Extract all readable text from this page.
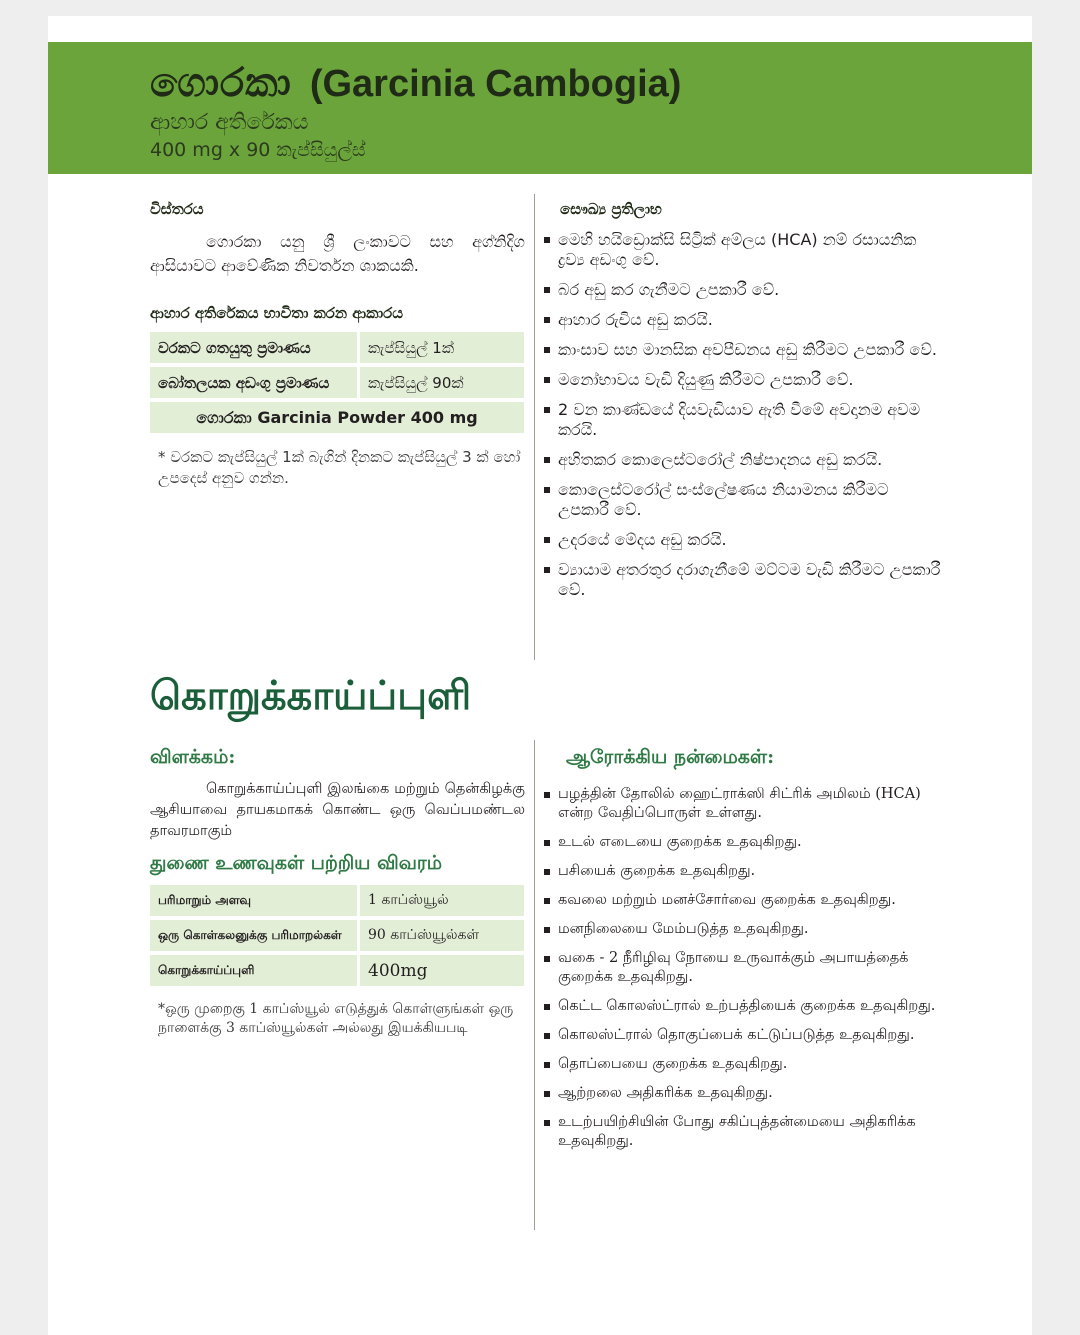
ගොරකා (Garcinia Cambogia)
ආහාර අතිරේකය
400 mg x 90 කැප්සියුල්ස්
විස්තරය

ගොරකා යනු ශ්‍රී ලංකාවට සහ අග්නිදිග ආසියාවට ආවේණික නිවර්තන ශාකයකි.

ආහාර අතිරේකය භාවිතා කරන ආකාරය
වරකට ගතයුතු ප්‍රමාණය	කැප්සියුල් 1ක්
බෝතලයක අඩංගු ප්‍රමාණය	කැප්සියුල් 90ක්
ගොරකා Garcinia Powder 400 mg	

* වරකට කැප්සියුල් 1ක් බැගින් දිනකට කැප්සියුල් 3 ක් හෝ උපදෙස් අනුව ගන්න.

සෞඛ්‍ය ප්‍රතිලාභ
මෙහි හයිඩ්‍රොක්සි සිට්‍රික් අම්ලය (HCA) නම් රසායනික ද්‍රව්‍ය අඩංගු වේ.
බර අඩු කර ගැනීමට උපකාරී වේ.
ආහාර රුචිය අඩු කරයි.
කාංසාව සහ මානසික අවපීඩනය අඩු කිරීමට උපකාරී වේ.
මනෝභාවය වැඩි දියුණු කිරීමට උපකාරී වේ.
2 වන කාණ්ඩයේ දියවැඩියාව ඇති වීමේ අවදානම අවම කරයි.
අහිතකර කොලෙස්ටරෝල් නිෂ්පාදනය අඩු කරයි.
කොලෙස්ටරෝල් සංස්ලේෂණය නියාමනය කිරීමට උපකාරී වේ.
උදරයේ මේදය අඩු කරයි.
ව්‍යායාම අතරතුර දරාගැනීමේ මට්ටම වැඩි කිරීමට උපකාරී වේ.
கொறுக்காய்ப்புளி
விளக்கம்:

கொறுக்காய்ப்புளி இலங்கை மற்றும் தென்கிழக்கு ஆசியாவை தாயகமாகக் கொண்ட ஒரு வெப்பமண்டல தாவரமாகும்

துணை உணவுகள் பற்றிய விவரம்
பரிமாறும் அளவு	1 காப்ஸ்யூல்
ஒரு கொள்கலனுக்கு பரிமாறல்கள்	90 காப்ஸ்யூல்கள்
கொறுக்காய்ப்புளி	400mg

*ஒரு முறைகு 1 காப்ஸ்யூல் எடுத்துக் கொள்ளுங்கள் ஒரு நாளைக்கு 3 காப்ஸ்யூல்கள் அல்லது இயக்கியபடி

ஆரோக்கிய நன்மைகள்:
பழத்தின் தோலில் ஹைட்ராக்ஸி சிட்ரிக் அமிலம் (HCA) என்ற வேதிப்பொருள் உள்ளது.
உடல் எடையை குறைக்க உதவுகிறது.
பசியைக் குறைக்க உதவுகிறது.
கவலை மற்றும் மனச்சோர்வை குறைக்க உதவுகிறது.
மனநிலையை மேம்படுத்த உதவுகிறது.
வகை - 2 நீரிழிவு நோயை உருவாக்கும் அபாயத்தைக் குறைக்க உதவுகிறது.
கெட்ட கொலஸ்ட்ரால் உற்பத்தியைக் குறைக்க உதவுகிறது.
கொலஸ்ட்ரால் தொகுப்பைக் கட்டுப்படுத்த உதவுகிறது.
தொப்பையை குறைக்க உதவுகிறது.
ஆற்றலை அதிகரிக்க உதவுகிறது.
உடற்பயிற்சியின் போது சகிப்புத்தன்மையை அதிகரிக்க உதவுகிறது.
